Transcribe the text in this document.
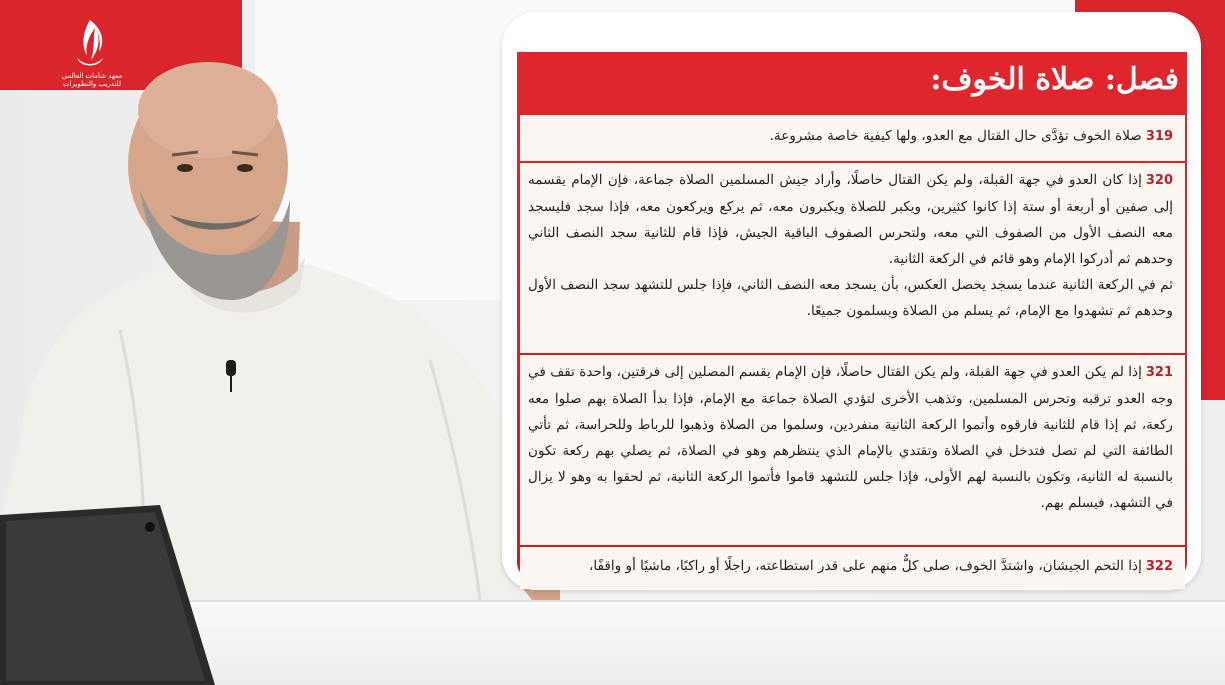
معهد شامات العالمي للتدريب والتطويرات	فصل: صلاة الخوف:
319صلاة الخوف تؤدَّى حال القتال مع العدو، ولها كيفية خاصة مشروعة.
320إذا كان العدو في جهة القبلة، ولم يكن القتال حاصلًا، وأراد جيش المسلمين الصلاة جماعة، فإن الإمام يقسمه إلى صفين أو أربعة أو ستة إذا كانوا كثيرين، ويكبر للصلاة ويكبرون معه، ثم يركع ويركعون معه، فإذا سجد فليسجد معه النصف الأول من الصفوف التي معه، ولتحرس الصفوف الباقية الجيش، فإذا قام للثانية سجد النصف الثاني وحدهم ثم أدركوا الإمام وهو قائم في الركعة الثانية.
ثم في الركعة الثانية عندما يسجد يحصل العكس، بأن يسجد معه النصف الثاني، فإذا جلس للتشهد سجد النصف الأول وحدهم ثم تشهدوا مع الإمام، ثم يسلم من الصلاة ويسلمون جميعًا.
321إذا لم يكن العدو في جهة القبلة، ولم يكن القتال حاصلًا، فإن الإمام يقسم المصلين إلى فرقتين، واحدة تقف في وجه العدو ترقبه وتحرس المسلمين، وتذهب الأخرى لتؤدي الصلاة جماعة مع الإمام، فإذا بدأ الصلاة بهم صلوا معه ركعة، ثم إذا قام للثانية فارقوه وأتموا الركعة الثانية منفردين، وسلموا من الصلاة وذهبوا للرباط وللحراسة، ثم تأتي الطائفة التي لم تصل فتدخل في الصلاة وتقتدي بالإمام الذي ينتظرهم وهو في الصلاة، ثم يصلي بهم ركعة تكون بالنسبة له الثانية، وتكون بالنسبة لهم الأولى، فإذا جلس للتشهد قاموا فأتموا الركعة الثانية، ثم لحقوا به وهو لا يزال في التشهد، فيسلم بهم.
322إذا التحم الجيشان، واشتدَّ الخوف، صلى كلٌّ منهم على قدر استطاعته، راجلًا أو راكبًا، ماشيًا أو واقفًا،
